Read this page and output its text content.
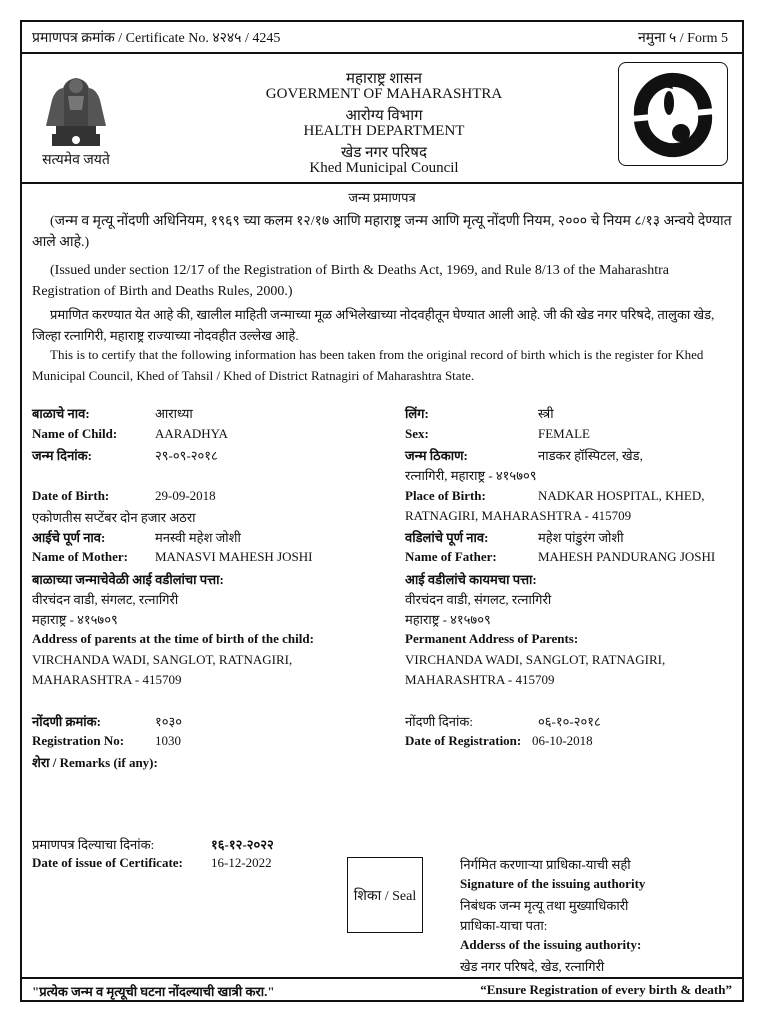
प्रमाणपत्र क्रमांक / Certificate No. ४२४५ / 4245	नमुना ५ / Form 5
सत्यमेव जयते
महाराष्ट्र शासन
GOVERMENT OF MAHARASHTRA
आरोग्य विभाग
HEALTH DEPARTMENT
खेड नगर परिषद
Khed Municipal Council
जन्म प्रमाणपत्र
(जन्म व मृत्यू नोंदणी अधिनियम, १९६९ च्या कलम १२/१७ आणि महाराष्ट्र जन्म आणि मृत्यू नोंदणी नियम, २००० चे नियम ८/१३ अन्वये देण्यात आले आहे.)
(Issued under section 12/17 of the Registration of Birth & Deaths Act, 1969, and Rule 8/13 of the Maharashtra Registration of Birth and Deaths Rules, 2000.)
प्रमाणित करण्यात येत आहे की, खालील माहिती जन्माच्या मूळ अभिलेखाच्या नोदवहीतून घेण्यात आली आहे. जी की खेड नगर परिषदे, तालुका खेड, जिल्हा रत्नागिरी, महाराष्ट्र राज्याच्या नोदवहीत उल्लेख आहे.
This is to certify that the following information has been taken from the original record of birth which is the register for Khed Municipal Council, Khed of Tahsil / Khed of District Ratnagiri of Maharashtra State.
बाळाचे नाव:	आराध्या
Name of Child:	AARADHYA
जन्म दिनांक:	२९-०९-२०१८
Date of Birth:	29-09-2018
एकोणतीस सप्टेंबर दोन हजार अठरा
आईचे पूर्ण नाव:	मनस्वी महेश जोशी
Name of Mother: MANASVI MAHESH JOSHI
बाळाच्या जन्माचेवेळी आई वडीलांचा पत्ता:
वीरचंदन वाडी, संगलट, रत्नागिरी
महाराष्ट्र - ४१५७०९
Address of parents at the time of birth of the child:
VIRCHANDA WADI, SANGLOT, RATNAGIRI,
MAHARASHTRA - 415709
लिंग:	स्त्री
Sex:	FEMALE
जन्म ठिकाण:	नाडकर हॉस्पिटल, खेड,
रत्नागिरी, महाराष्ट्र - ४१५७०९
Place of Birth:	NADKAR HOSPITAL, KHED,
RATNAGIRI, MAHARASHTRA - 415709
वडिलांचे पूर्ण नाव:	महेश पांडुरंग जोशी
Name of Father:	MAHESH PANDURANG JOSHI
आई वडीलांचे कायमचा पत्ता:
वीरचंदन वाडी, संगलट, रत्नागिरी
महाराष्ट्र - ४१५७०९
Permanent Address of Parents:
VIRCHANDA WADI, SANGLOT, RATNAGIRI,
MAHARASHTRA - 415709
नोंदणी क्रमांक:	१०३०
Registration No: 1030
नोंदणी दिनांक:	०६-१०-२०१८
Date of Registration: 06-10-2018
शेरा / Remarks (if any):
प्रमाणपत्र दिल्याचा दिनांक:	१६-१२-२०२२
Date of issue of Certificate: 16-12-2022
शिका / Seal
निर्गमित करणाऱ्या प्राधिका-याची सही
Signature of the issuing authority
निबंधक जन्म मृत्यू तथा मुख्याधिकारी
प्राधिका-याचा पता:
Adderss of the issuing authority:
खेड नगर परिषदे, खेड, रत्नागिरी
"प्रत्येक जन्म व मृत्यूची घटना नोंदल्याची खात्री करा."	“Ensure Registration of every birth & death”
